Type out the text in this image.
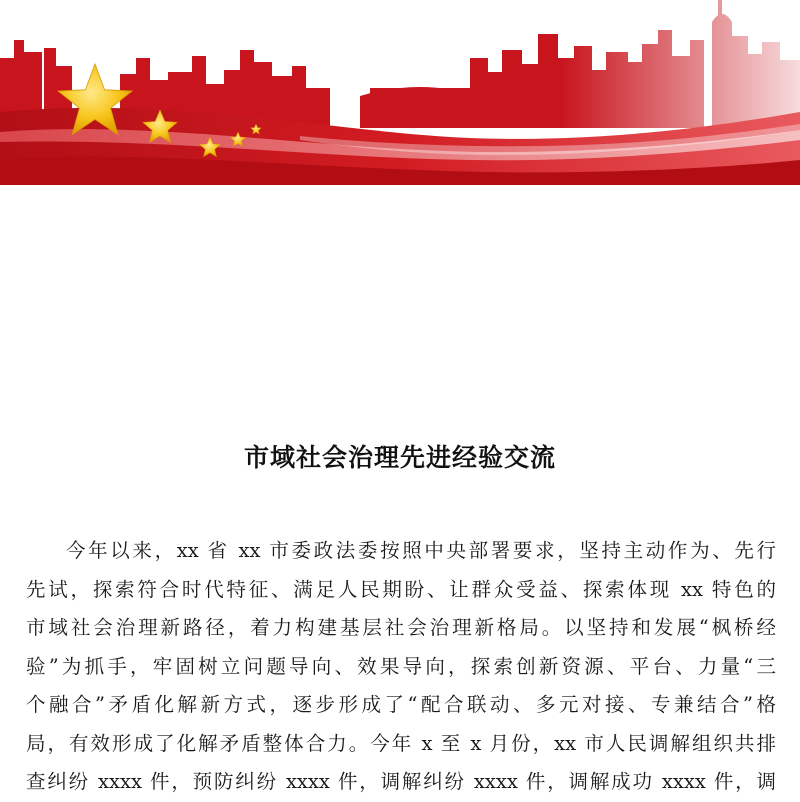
市域社会治理先进经验交流
今年以来，xx 省 xx 市委政法委按照中央部署要求，坚持主动作为、先行
先试，探索符合时代特征、满足人民期盼、让群众受益、探索体现 xx 特色的
市域社会治理新路径，着力构建基层社会治理新格局。以坚持和发展“枫桥经
验”为抓手，牢固树立问题导向、效果导向，探索创新资源、平台、力量“三
个融合”矛盾化解新方式，逐步形成了“配合联动、多元对接、专兼结合”格
局，有效形成了化解矛盾整体合力。今年 x 至 x 月份，xx 市人民调解组织共排
查纠纷 xxxx 件，预防纠纷 xxxx 件，调解纠纷 xxxx 件，调解成功 xxxx 件，调
